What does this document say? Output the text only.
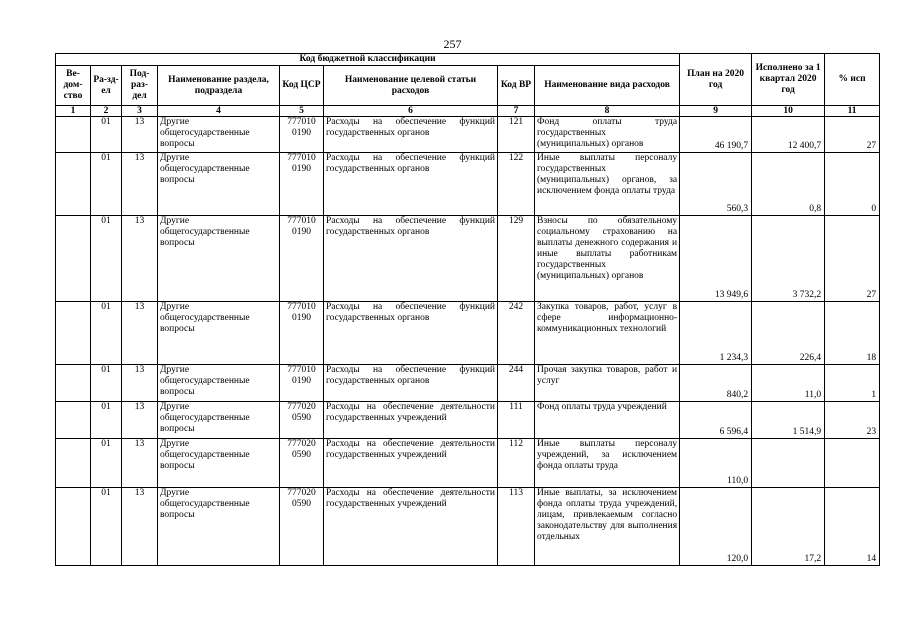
257
Код бюджетной классификации								План на 2020 год	Исполнено за 1 квартал 2020 год	% исп
Ве-дом-ство	Ра-зд-ел	Под-раз-дел	Наименование раздела, подраздела	Код ЦСР	Наименование целевой статьи расходов	Код ВР	Наименование вида расходов			
1	2	3	4	5	6	7	8	9	10	11
	01	13	Другие общегосударственные вопросы	777010 0190	Расходы на обеспечение функций государственных органов	121	Фонд оплаты труда государственных (муниципальных) органов	46 190,7	12 400,7	27
	01	13	Другие общегосударственные вопросы	777010 0190	Расходы на обеспечение функций государственных органов	122	Иные выплаты персоналу государственных (муниципальных) органов, за исключением фонда оплаты труда	560,3	0,8	0
	01	13	Другие общегосударственные вопросы	777010 0190	Расходы на обеспечение функций государственных органов	129	Взносы по обязательному социальному страхованию на выплаты денежного содержания и иные выплаты работникам государственных (муниципальных) органов	13 949,6	3 732,2	27
	01	13	Другие общегосударственные вопросы	777010 0190	Расходы на обеспечение функций государственных органов	242	Закупка товаров, работ, услуг в сфере информационно-коммуникационных технологий	1 234,3	226,4	18
	01	13	Другие общегосударственные вопросы	777010 0190	Расходы на обеспечение функций государственных органов	244	Прочая закупка товаров, работ и услуг	840,2	11,0	1
	01	13	Другие общегосударственные вопросы	777020 0590	Расходы на обеспечение деятельности государственных учреждений	111	Фонд оплаты труда учреждений	6 596,4	1 514,9	23
	01	13	Другие общегосударственные вопросы	777020 0590	Расходы на обеспечение деятельности государственных учреждений	112	Иные выплаты персоналу учреждений, за исключением фонда оплаты труда	110,0		
	01	13	Другие общегосударственные вопросы	777020 0590	Расходы на обеспечение деятельности государственных учреждений	113	Иные выплаты, за исключением фонда оплаты труда учреждений, лицам, привлекаемым согласно законодательству для выполнения отдельных	120,0	17,2	14
